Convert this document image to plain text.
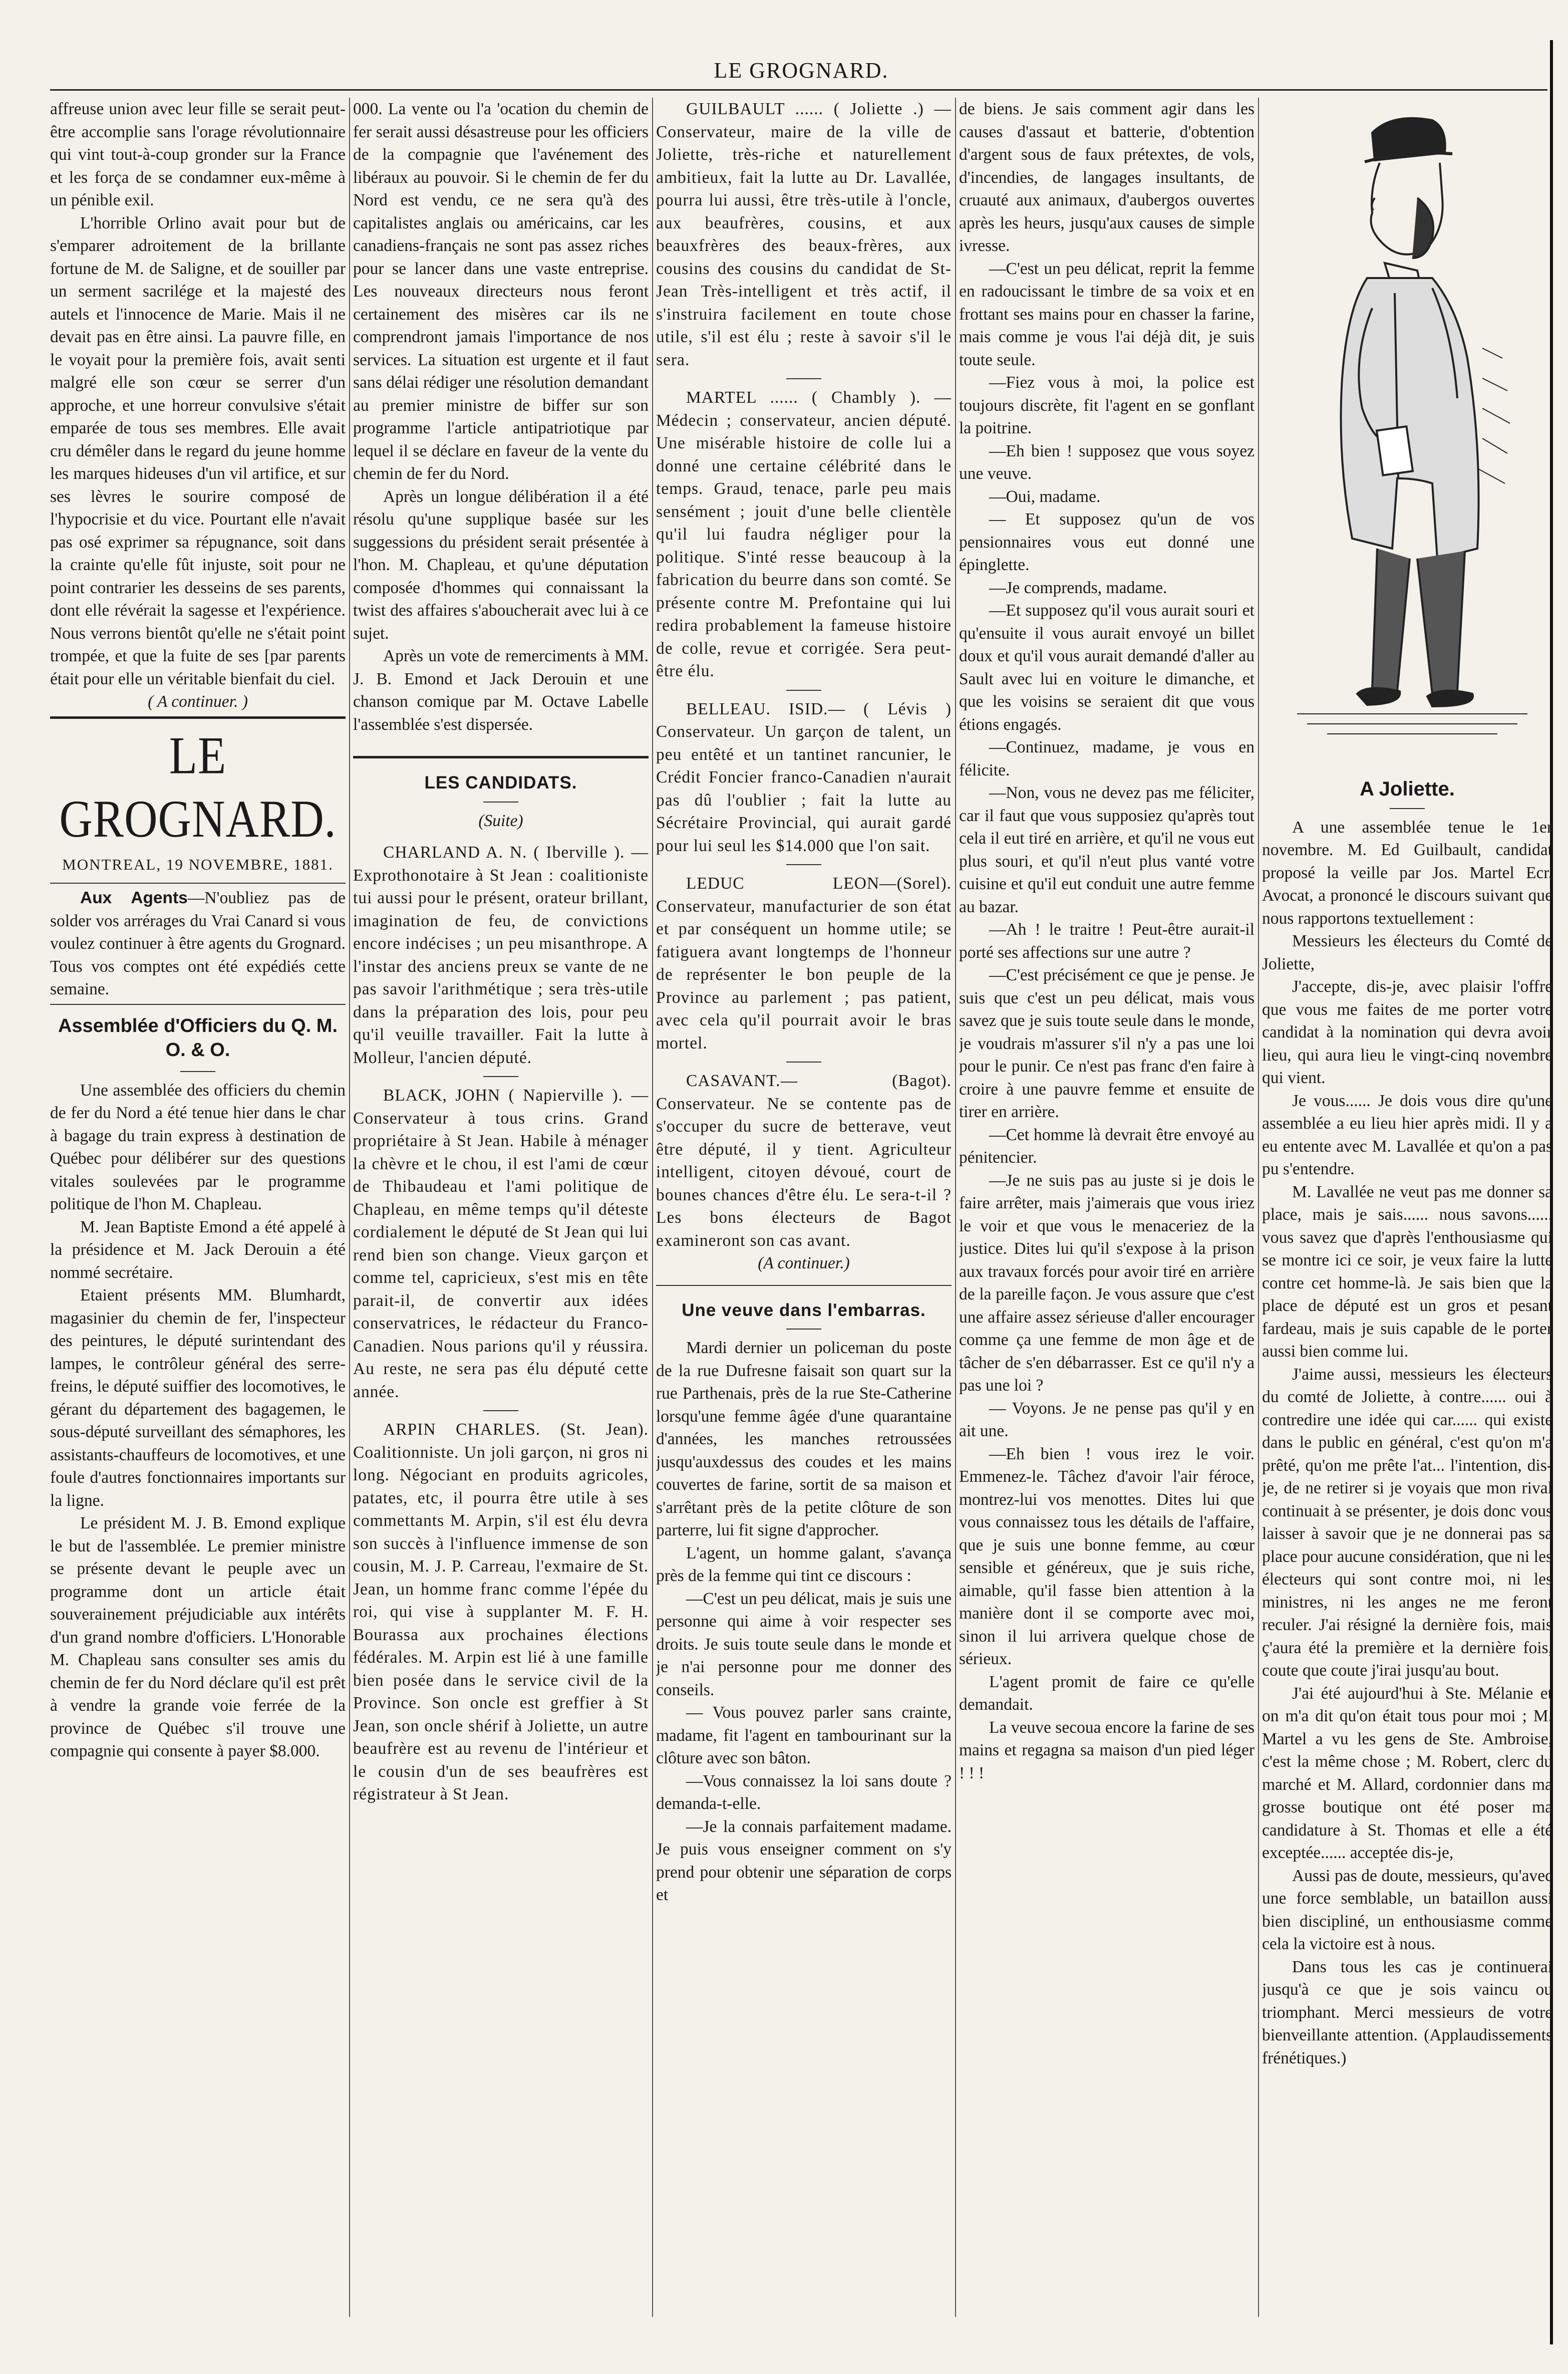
LE GROGNARD.

affreuse union avec leur fille se serait peut-être accomplie sans l'orage révolutionnaire qui vint tout-à-coup gronder sur la France et les força de se condamner eux-même à un pénible exil.

L'horrible Orlino avait pour but de s'emparer adroitement de la brillante fortune de M. de Saligne, et de souiller par un serment sacrilége et la majesté des autels et l'innocence de Marie. Mais il ne devait pas en être ainsi. La pauvre fille, en le voyait pour la première fois, avait senti malgré elle son cœur se serrer d'un approche, et une horreur convulsive s'était emparée de tous ses membres. Elle avait cru démêler dans le regard du jeune homme les marques hideuses d'un vil artifice, et sur ses lèvres le sourire composé de l'hypocrisie et du vice. Pourtant elle n'avait pas osé exprimer sa répugnance, soit dans la crainte qu'elle fût injuste, soit pour ne point contrarier les desseins de ses parents, dont elle révérait la sagesse et l'expérience. Nous verrons bientôt qu'elle ne s'était point trompée, et que la fuite de ses [par parents était pour elle un véritable bienfait du ciel.

( A continuer. )
LE GROGNARD.
MONTREAL, 19 NOVEMBRE, 1881.

Aux Agents—N'oubliez pas de solder vos arrérages du Vrai Canard si vous voulez continuer à être agents du Grognard. Tous vos comptes ont été expédiés cette semaine.

Assemblée d'Officiers du Q. M. O. & O.

Une assemblée des officiers du chemin de fer du Nord a été tenue hier dans le char à bagage du train express à destination de Québec pour délibérer sur des questions vitales soulevées par le programme politique de l'hon M. Chapleau.

M. Jean Baptiste Emond a été appelé à la présidence et M. Jack Derouin a été nommé secrétaire.

Etaient présents MM. Blumhardt, magasinier du chemin de fer, l'inspecteur des peintures, le député surintendant des lampes, le contrôleur général des serre-freins, le député suiffier des locomotives, le gérant du département des bagagemen, le sous-député surveillant des sémaphores, les assistants-chauffeurs de locomotives, et une foule d'autres fonctionnaires importants sur la ligne.

Le président M. J. B. Emond explique le but de l'assemblée. Le premier ministre se présente devant le peuple avec un programme dont un article était souverainement préjudiciable aux intérêts d'un grand nombre d'officiers. L'Honorable M. Chapleau sans consulter ses amis du chemin de fer du Nord déclare qu'il est prêt à vendre la grande voie ferrée de la province de Québec s'il trouve une compagnie qui consente à payer $8.000.

000. La vente ou l'a 'ocation du chemin de fer serait aussi désastreuse pour les officiers de la compagnie que l'avénement des libéraux au pouvoir. Si le chemin de fer du Nord est vendu, ce ne sera qu'à des capitalistes anglais ou américains, car les canadiens-français ne sont pas assez riches pour se lancer dans une vaste entreprise. Les nouveaux directeurs nous feront certainement des misères car ils ne comprendront jamais l'importance de nos services. La situation est urgente et il faut sans délai rédiger une résolution demandant au premier ministre de biffer sur son programme l'article antipatriotique par lequel il se déclare en faveur de la vente du chemin de fer du Nord.

Après un longue délibération il a été résolu qu'une supplique basée sur les suggessions du président serait présentée à l'hon. M. Chapleau, et qu'une députation composée d'hommes qui connaissant la twist des affaires s'aboucherait avec lui à ce sujet.

Après un vote de remerciments à MM. J. B. Emond et Jack Derouin et une chanson comique par M. Octave Labelle l'assemblée s'est dispersée.

LES CANDIDATS.
(Suite)

CHARLAND A. N. ( Iberville ). —Exprothonotaire à St Jean : coalitioniste tui aussi pour le présent, orateur brillant, imagination de feu, de convictions encore indécises ; un peu misanthrope. A l'instar des anciens preux se vante de ne pas savoir l'arithmétique ; sera très-utile dans la préparation des lois, pour peu qu'il veuille travailler. Fait la lutte à Molleur, l'ancien député.

BLACK, JOHN ( Napierville ). —Conservateur à tous crins. Grand propriétaire à St Jean. Habile à ménager la chèvre et le chou, il est l'ami de cœur de Thibaudeau et l'ami politique de Chapleau, en même temps qu'il déteste cordialement le député de St Jean qui lui rend bien son change. Vieux garçon et comme tel, capricieux, s'est mis en tête parait-il, de convertir aux idées conservatrices, le rédacteur du Franco-Canadien. Nous parions qu'il y réussira. Au reste, ne sera pas élu député cette année.

ARPIN CHARLES. (St. Jean). Coalitionniste. Un joli garçon, ni gros ni long. Négociant en produits agricoles, patates, etc, il pourra être utile à ses commettants M. Arpin, s'il est élu devra son succès à l'influence immense de son cousin, M. J. P. Carreau, l'exmaire de St. Jean, un homme franc comme l'épée du roi, qui vise à supplanter M. F. H. Bourassa aux prochaines élections fédérales. M. Arpin est lié à une famille bien posée dans le service civil de la Province. Son oncle est greffier à St Jean, son oncle shérif à Joliette, un autre beaufrère est au revenu de l'intérieur et le cousin d'un de ses beaufrères est régistrateur à St Jean.

GUILBAULT ...... ( Joliette .) —Conservateur, maire de la ville de Joliette, très-riche et naturellement ambitieux, fait la lutte au Dr. Lavallée, pourra lui aussi, être très-utile à l'oncle, aux beaufrères, cousins, et aux beauxfrères des beaux-frères, aux cousins des cousins du candidat de St-Jean Très-intelligent et très actif, il s'instruira facilement en toute chose utile, s'il est élu ; reste à savoir s'il le sera.

MARTEL ...... ( Chambly ). —Médecin ; conservateur, ancien député. Une misérable histoire de colle lui a donné une certaine célébrité dans le temps. Graud, tenace, parle peu mais sensément ; jouit d'une belle clientèle qu'il lui faudra négliger pour la politique. S'inté resse beaucoup à la fabrication du beurre dans son comté. Se présente contre M. Prefontaine qui lui redira probablement la fameuse histoire de colle, revue et corrigée. Sera peut-être élu.

BELLEAU. ISID.— ( Lévis ) Conservateur. Un garçon de talent, un peu entêté et un tantinet rancunier, le Crédit Foncier franco-Canadien n'aurait pas dû l'oublier ; fait la lutte au Sécrétaire Provincial, qui aurait gardé pour lui seul les $14.000 que l'on sait.

LEDUC LEON—(Sorel). Conservateur, manufacturier de son état et par conséquent un homme utile; se fatiguera avant longtemps de l'honneur de représenter le bon peuple de la Province au parlement ; pas patient, avec cela qu'il pourrait avoir le bras mortel.

CASAVANT.— (Bagot). Conservateur. Ne se contente pas de s'occuper du sucre de betterave, veut être député, il y tient. Agriculteur intelligent, citoyen dévoué, court de bounes chances d'être élu. Le sera-t-il ? Les bons électeurs de Bagot examineront son cas avant.

(A continuer.)
Une veuve dans l'embarras.

Mardi dernier un policeman du poste de la rue Dufresne faisait son quart sur la rue Parthenais, près de la rue Ste-Catherine lorsqu'une femme âgée d'une quarantaine d'années, les manches retroussées jusqu'auxdessus des coudes et les mains couvertes de farine, sortit de sa maison et s'arrêtant près de la petite clôture de son parterre, lui fit signe d'approcher.

L'agent, un homme galant, s'avança près de la femme qui tint ce discours :

—C'est un peu délicat, mais je suis une personne qui aime à voir respecter ses droits. Je suis toute seule dans le monde et je n'ai personne pour me donner des conseils.

— Vous pouvez parler sans crainte, madame, fit l'agent en tambourinant sur la clôture avec son bâton.

—Vous connaissez la loi sans doute ? demanda-t-elle.

—Je la connais parfaitement madame. Je puis vous enseigner comment on s'y prend pour obtenir une séparation de corps et

de biens. Je sais comment agir dans les causes d'assaut et batterie, d'obtention d'argent sous de faux prétextes, de vols, d'incendies, de langages insultants, de cruauté aux animaux, d'aubergos ouvertes après les heurs, jusqu'aux causes de simple ivresse.

—C'est un peu délicat, reprit la femme en radoucissant le timbre de sa voix et en frottant ses mains pour en chasser la farine, mais comme je vous l'ai déjà dit, je suis toute seule.

—Fiez vous à moi, la police est toujours discrète, fit l'agent en se gonflant la poitrine.

—Eh bien ! supposez que vous soyez une veuve.

—Oui, madame.

— Et supposez qu'un de vos pensionnaires vous eut donné une épinglette.

—Je comprends, madame.

—Et supposez qu'il vous aurait souri et qu'ensuite il vous aurait envoyé un billet doux et qu'il vous aurait demandé d'aller au Sault avec lui en voiture le dimanche, et que les voisins se seraient dit que vous étions engagés.

—Continuez, madame, je vous en félicite.

—Non, vous ne devez pas me féliciter, car il faut que vous supposiez qu'après tout cela il eut tiré en arrière, et qu'il ne vous eut plus souri, et qu'il n'eut plus vanté votre cuisine et qu'il eut conduit une autre femme au bazar.

—Ah ! le traitre ! Peut-être aurait-il porté ses affections sur une autre ?

—C'est précisément ce que je pense. Je suis que c'est un peu délicat, mais vous savez que je suis toute seule dans le monde, je voudrais m'assurer s'il n'y a pas une loi pour le punir. Ce n'est pas franc d'en faire à croire à une pauvre femme et ensuite de tirer en arrière.

—Cet homme là devrait être envoyé au pénitencier.

—Je ne suis pas au juste si je dois le faire arrêter, mais j'aimerais que vous iriez le voir et que vous le menaceriez de la justice. Dites lui qu'il s'expose à la prison aux travaux forcés pour avoir tiré en arrière de la pareille façon. Je vous assure que c'est une affaire assez sérieuse d'aller encourager comme ça une femme de mon âge et de tâcher de s'en débarrasser. Est ce qu'il n'y a pas une loi ?

— Voyons. Je ne pense pas qu'il y en ait une.

—Eh bien ! vous irez le voir. Emmenez-le. Tâchez d'avoir l'air féroce, montrez-lui vos menottes. Dites lui que vous connaissez tous les détails de l'affaire, que je suis une bonne femme, au cœur sensible et généreux, que je suis riche, aimable, qu'il fasse bien attention à la manière dont il se comporte avec moi, sinon il lui arrivera quelque chose de sérieux.

L'agent promit de faire ce qu'elle demandait.

La veuve secoua encore la farine de ses mains et regagna sa maison d'un pied léger ! ! !

A Joliette.

A une assemblée tenue le 1er novembre. M. Ed Guilbault, candidat proposé la veille par Jos. Martel Ecr. Avocat, a prononcé le discours suivant que nous rapportons textuellement :

Messieurs les électeurs du Comté de Joliette,

J'accepte, dis-je, avec plaisir l'offre que vous me faites de me porter votre candidat à la nomination qui devra avoir lieu, qui aura lieu le vingt-cinq novembre qui vient.

Je vous...... Je dois vous dire qu'une assemblée a eu lieu hier après midi. Il y a eu entente avec M. Lavallée et qu'on a pas pu s'entendre.

M. Lavallée ne veut pas me donner sa place, mais je sais...... nous savons...... vous savez que d'après l'enthousiasme qui se montre ici ce soir, je veux faire la lutte contre cet homme-là. Je sais bien que la place de député est un gros et pesant fardeau, mais je suis capable de le porter aussi bien comme lui.

J'aime aussi, messieurs les électeurs du comté de Joliette, à contre...... oui à contredire une idée qui car...... qui existe dans le public en général, c'est qu'on m'a prêté, qu'on me prête l'at... l'intention, dis-je, de ne retirer si je voyais que mon rival continuait à se présenter, je dois donc vous laisser à savoir que je ne donnerai pas sa place pour aucune considération, que ni les électeurs qui sont contre moi, ni les ministres, ni les anges ne me feront reculer. J'ai résigné la dernière fois, mais ç'aura été la première et la dernière fois, coute que coute j'irai jusqu'au bout.

J'ai été aujourd'hui à Ste. Mélanie et on m'a dit qu'on était tous pour moi ; M. Martel a vu les gens de Ste. Ambroise, c'est la même chose ; M. Robert, clerc du marché et M. Allard, cordonnier dans ma grosse boutique ont été poser ma candidature à St. Thomas et elle a été exceptée...... acceptée dis-je,

Aussi pas de doute, messieurs, qu'avec une force semblable, un bataillon aussi bien discipliné, un enthousiasme comme cela la victoire est à nous.

Dans tous les cas je continuerai jusqu'à ce que je sois vaincu ou triomphant. Merci messieurs de votre bienveillante attention. (Applaudissements frénétiques.)
